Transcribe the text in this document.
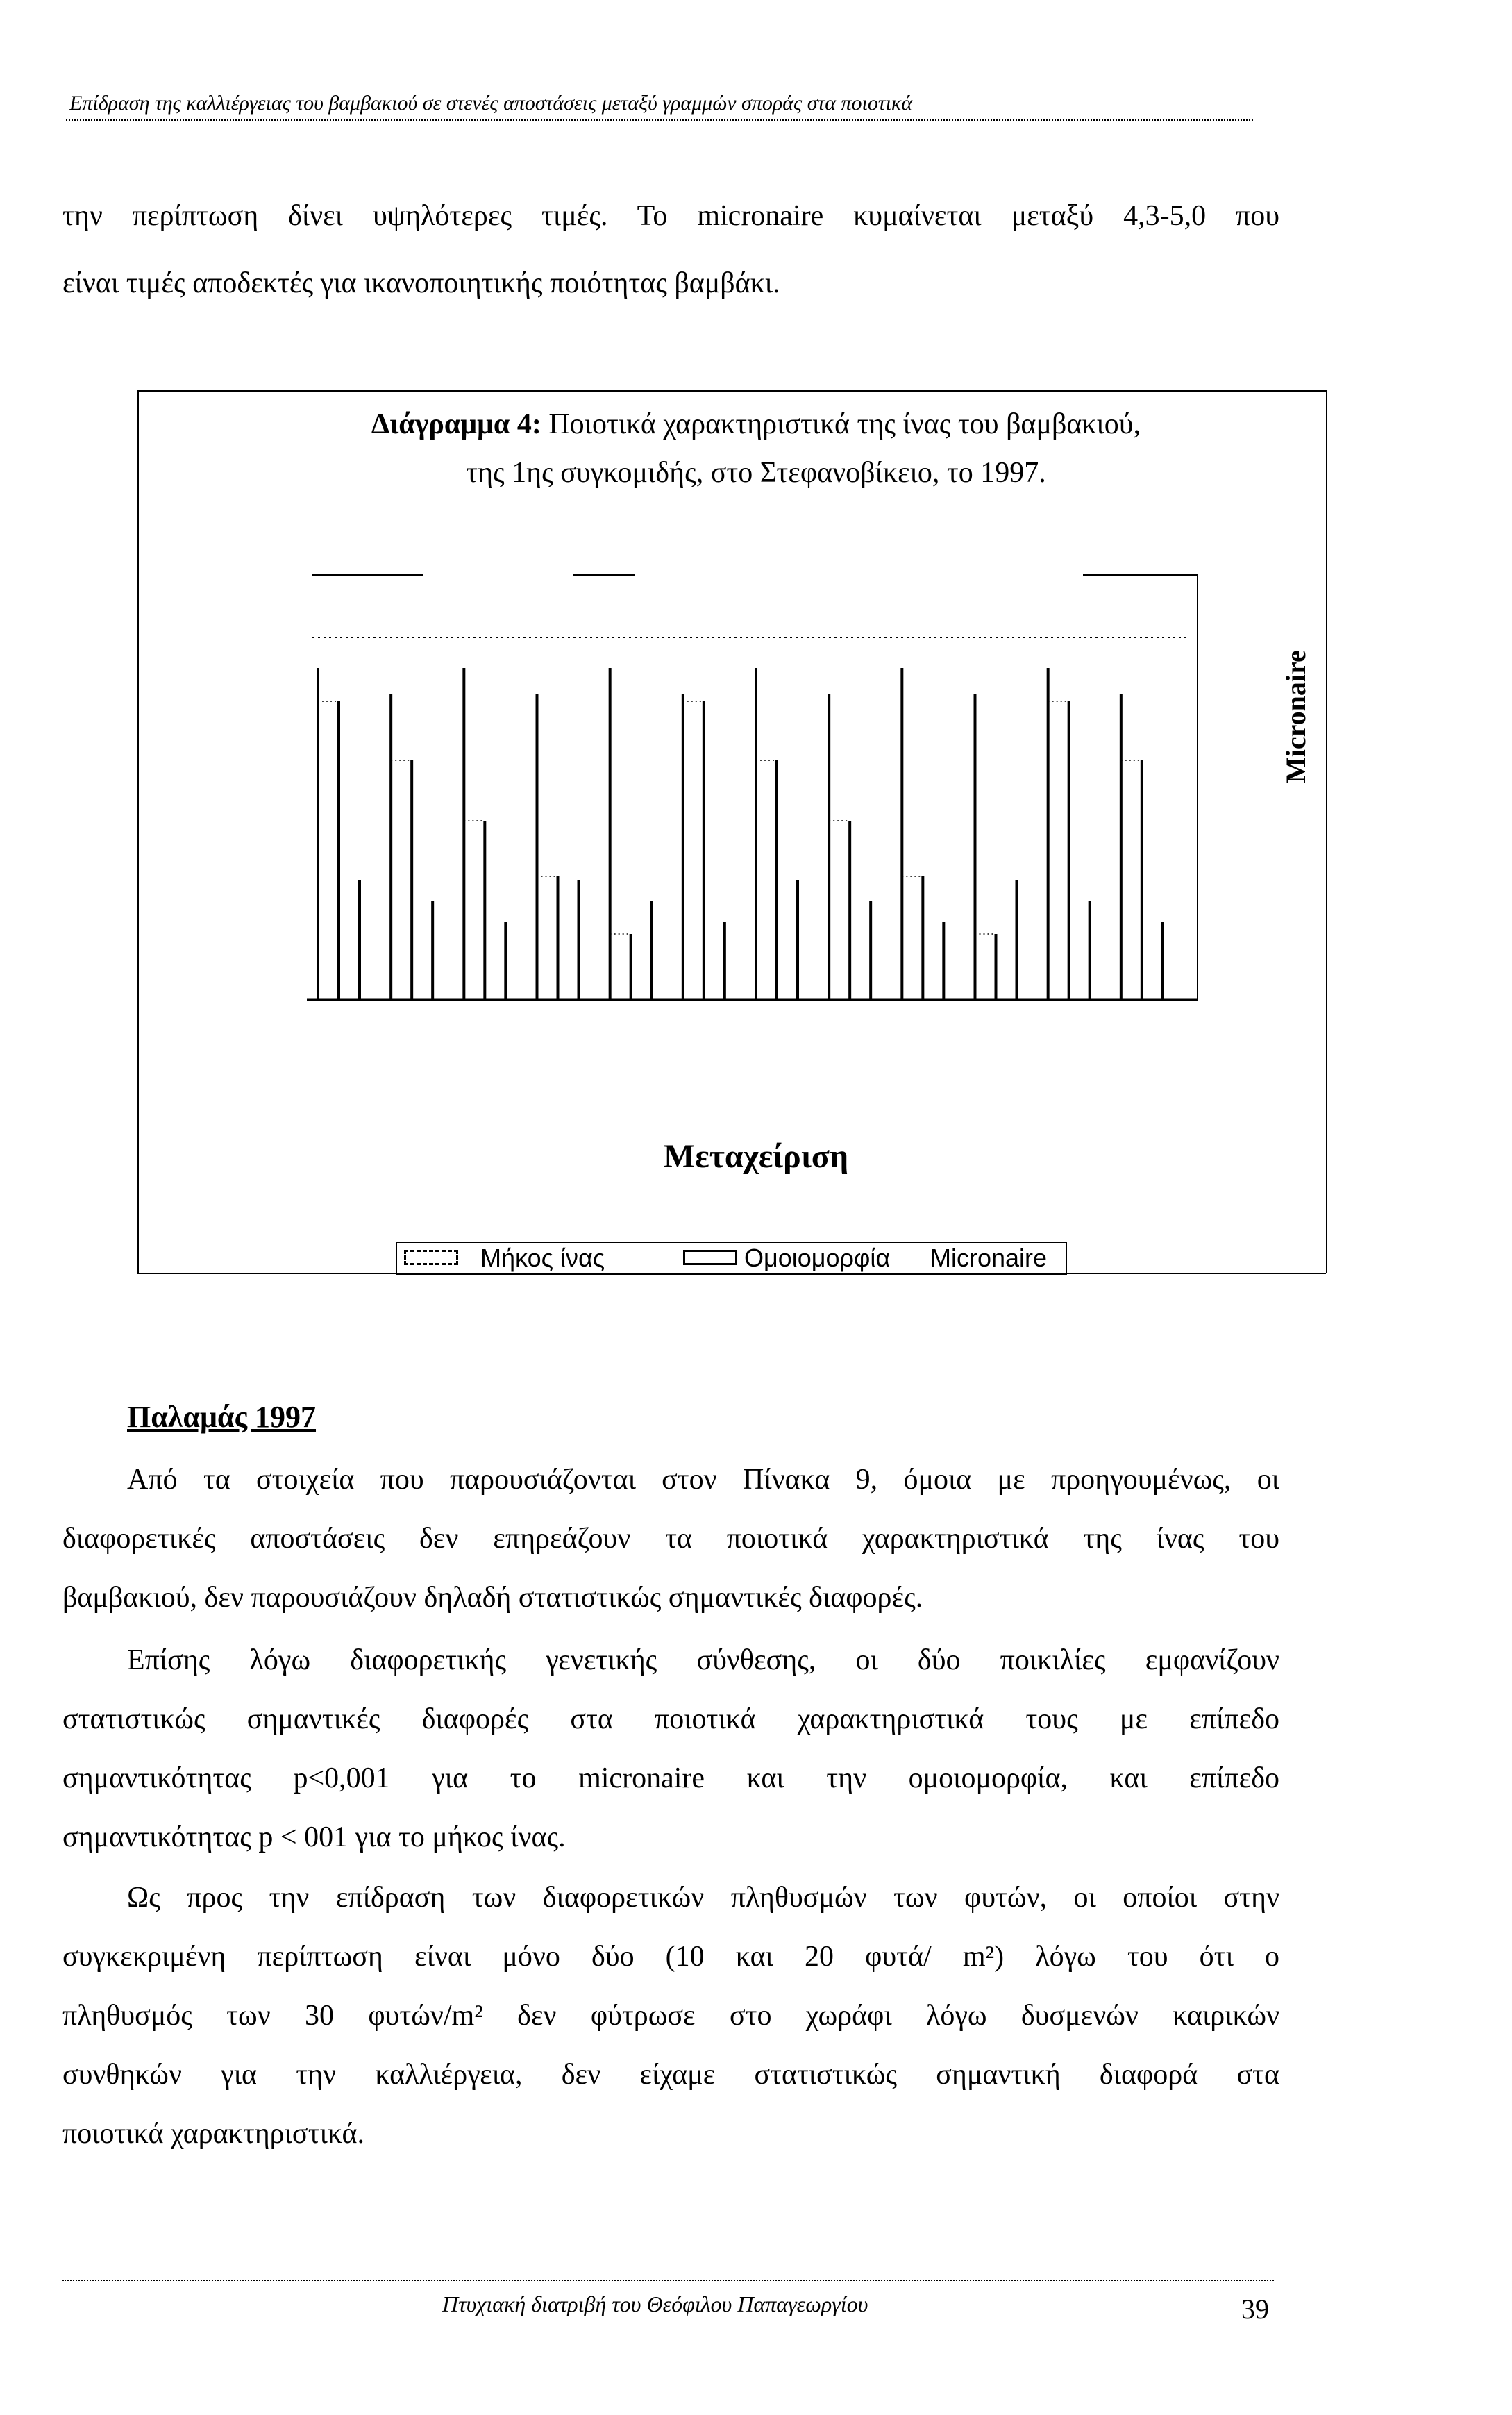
Επίδραση της καλλιέργειας του βαμβακιού σε στενές αποστάσεις μεταξύ γραμμών σποράς στα ποιοτικά
την περίπτωση δίνει υψηλότερες τιμές. Το micronaire κυμαίνεται μεταξύ 4,3-5,0 που
είναι τιμές αποδεκτές για ικανοποιητικής ποιότητας βαμβάκι.
Διάγραμμα 4: Ποιοτικά χαρακτηριστικά της ίνας του βαμβακιού,
της 1ης συγκομιδής, στο Στεφανοβίκειο, το 1997.
Micronaire
Μεταχείριση
Μήκος ίνας	Ομοιομορφία Micronaire
Παλαμάς 1997
Από τα στοιχεία που παρουσιάζονται στον Πίνακα 9, όμοια με προηγουμένως, οι
διαφορετικές αποστάσεις δεν επηρεάζουν τα ποιοτικά χαρακτηριστικά της ίνας του
βαμβακιού, δεν παρουσιάζουν δηλαδή στατιστικώς σημαντικές διαφορές.
Επίσης λόγω διαφορετικής γενετικής σύνθεσης, οι δύο ποικιλίες εμφανίζουν
στατιστικώς σημαντικές διαφορές στα ποιοτικά χαρακτηριστικά τους με επίπεδο
σημαντικότητας p<0,001 για το micronaire και την ομοιομορφία, και επίπεδο
σημαντικότητας p < 001 για το μήκος ίνας.
Ως προς την επίδραση των διαφορετικών πληθυσμών των φυτών, οι οποίοι στην
συγκεκριμένη περίπτωση είναι μόνο δύο (10 και 20 φυτά/ m²) λόγω του ότι ο
πληθυσμός των 30 φυτών/m² δεν φύτρωσε στο χωράφι λόγω δυσμενών καιρικών
συνθηκών για την καλλιέργεια, δεν είχαμε στατιστικώς σημαντική διαφορά στα
ποιοτικά χαρακτηριστικά.
Πτυχιακή διατριβή του Θεόφιλου Παπαγεωργίου	39
